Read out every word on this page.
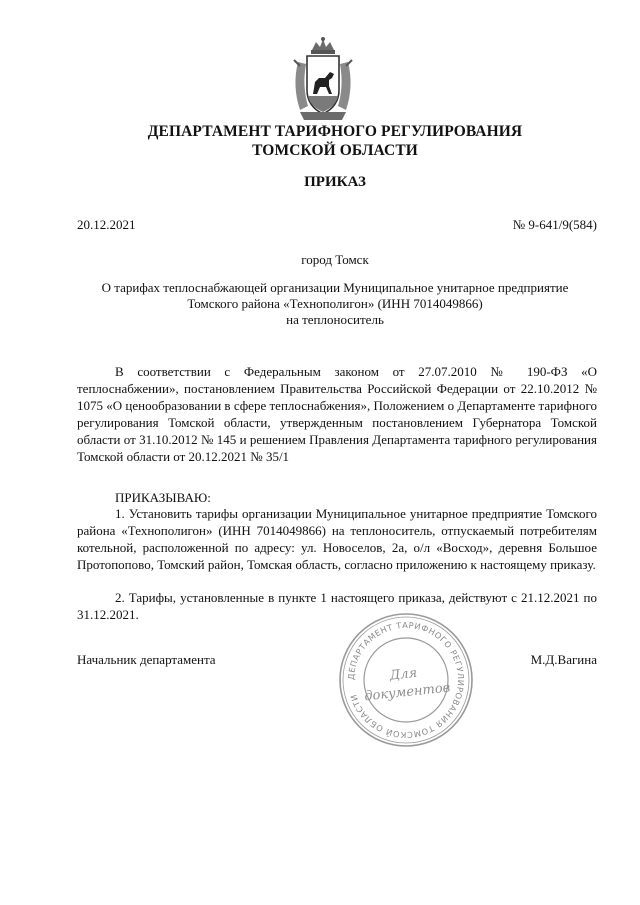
ДЕПАРТАМЕНТ ТАРИФНОГО РЕГУЛИРОВАНИЯ
ТОМСКОЙ ОБЛАСТИ
ПРИКАЗ
20.12.2021	№ 9-641/9(584)
город Томск
О тарифах теплоснабжающей организации Муниципальное унитарное предприятие
Томского района «Технополигон» (ИНН 7014049866)
на теплоноситель

В соответствии с Федеральным законом от 27.07.2010 № 190-ФЗ «О теплоснабжении», постановлением Правительства Российской Федерации от 22.10.2012 № 1075 «О ценообразовании в сфере теплоснабжения», Положением о Департаменте тарифного регулирования Томской области, утвержденным постановлением Губернатора Томской области от 31.10.2012 № 145 и решением Правления Департамента тарифного регулирования Томской области от 20.12.2021 № 35/1

ПРИКАЗЫВАЮ:

1. Установить тарифы организации Муниципальное унитарное предприятие Томского района «Технополигон» (ИНН 7014049866) на теплоноситель, отпускаемый потребителям котельной, расположенной по адресу: ул. Новоселов, 2а, о/л «Восход», деревня Большое Протопопово, Томский район, Томская область, согласно приложению к настоящему приказу.

2. Тарифы, установленные в пункте 1 настоящего приказа, действуют с 21.12.2021 по 31.12.2021.

ДЕПАРТАМЕНТ ТАРИФНОГО РЕГУЛИРОВАНИЯ ТОМСКОЙ ОБЛАСТИ
Для
документов
Начальник департамента	М.Д.Вагина
